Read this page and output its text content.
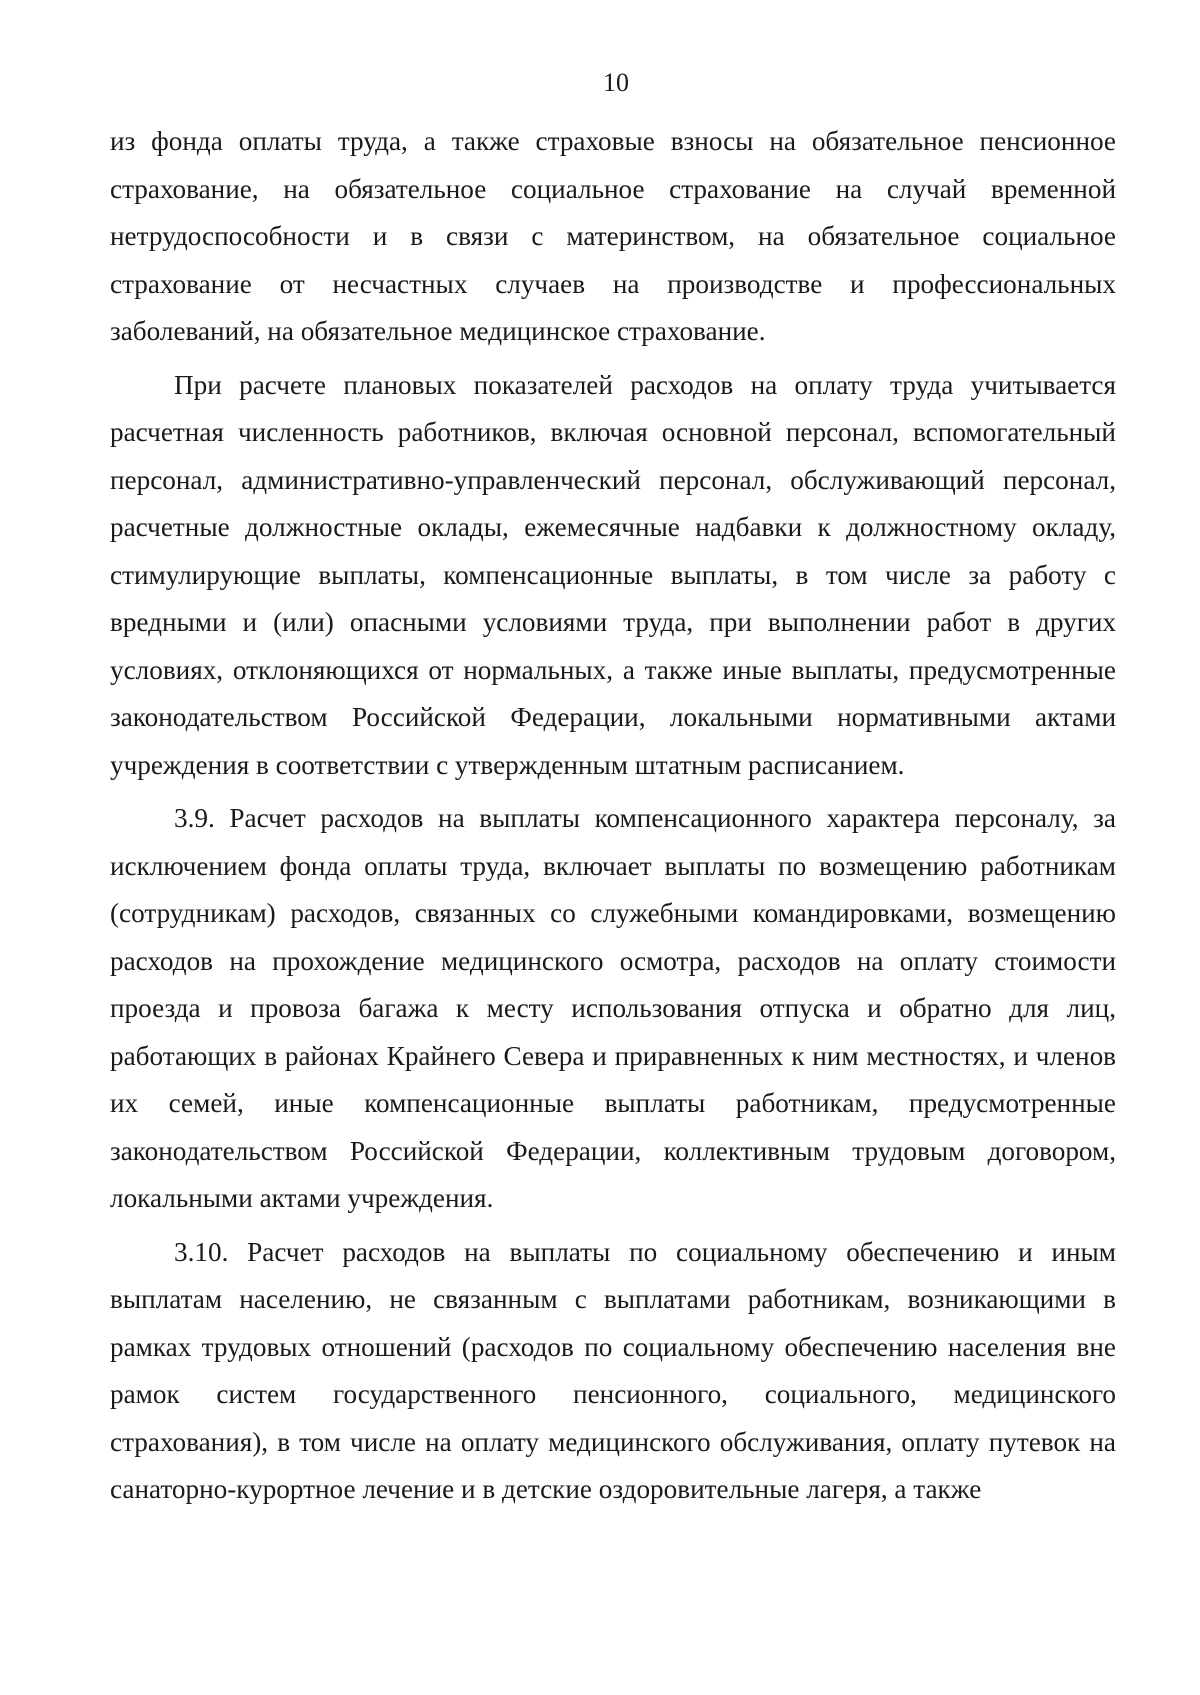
10

из фонда оплаты труда, а также страховые взносы на обязательное пенсионное страхование, на обязательное социальное страхование на случай временной нетрудоспособности и в связи с материнством, на обязательное социальное страхование от несчастных случаев на производстве и профессиональных заболеваний, на обязательное медицинское страхование.

При расчете плановых показателей расходов на оплату труда учитывается расчетная численность работников, включая основной персонал, вспомогательный персонал, административно-управленческий персонал, обслуживающий персонал, расчетные должностные оклады, ежемесячные надбавки к должностному окладу, стимулирующие выплаты, компенсационные выплаты, в том числе за работу с вредными и (или) опасными условиями труда, при выполнении работ в других условиях, отклоняющихся от нормальных, а также иные выплаты, предусмотренные законодательством Российской Федерации, локальными нормативными актами учреждения в соответствии с утвержденным штатным расписанием.

3.9. Расчет расходов на выплаты компенсационного характера персоналу, за исключением фонда оплаты труда, включает выплаты по возмещению работникам (сотрудникам) расходов, связанных со служебными командировками, возмещению расходов на прохождение медицинского осмотра, расходов на оплату стоимости проезда и провоза багажа к месту использования отпуска и обратно для лиц, работающих в районах Крайнего Севера и приравненных к ним местностях, и членов их семей, иные компенсационные выплаты работникам, предусмотренные законодательством Российской Федерации, коллективным трудовым договором, локальными актами учреждения.

3.10. Расчет расходов на выплаты по социальному обеспечению и иным выплатам населению, не связанным с выплатами работникам, возникающими в рамках трудовых отношений (расходов по социальному обеспечению населения вне рамок систем государственного пенсионного, социального, медицинского страхования), в том числе на оплату медицинского обслуживания, оплату путевок на санаторно-курортное лечение и в детские оздоровительные лагеря, а также
